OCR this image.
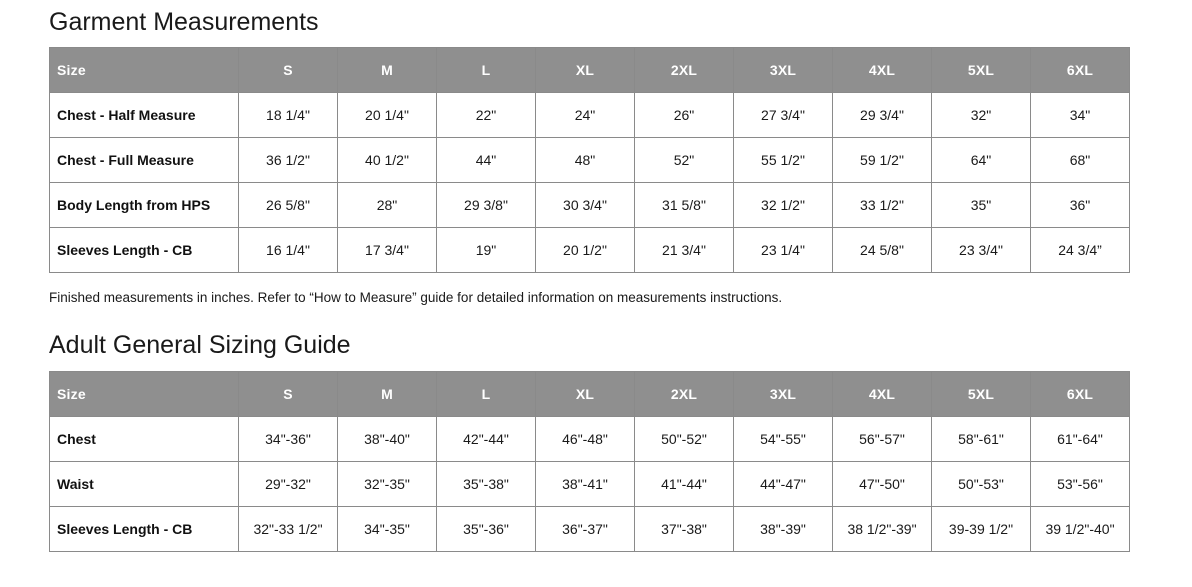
Garment Measurements
Size	S	M	L	XL	2XL	3XL	4XL	5XL	6XL
Chest - Half Measure	18 1/4"	20 1/4"	22"	24"	26"	27 3/4"	29 3/4"	32"	34"
Chest - Full Measure	36 1/2"	40 1/2"	44"	48"	52"	55 1/2"	59 1/2"	64"	68"
Body Length from HPS	26 5/8"	28"	29 3/8"	30 3/4"	31 5/8"	32 1/2"	33 1/2"	35"	36"
Sleeves Length - CB	16 1/4"	17 3/4"	19"	20 1/2"	21 3/4"	23 1/4"	24 5/8"	23 3/4"	24 3/4”

Finished measurements in inches. Refer to “How to Measure” guide for detailed information on measurements instructions.

Adult General Sizing Guide
Size	S	M	L	XL	2XL	3XL	4XL	5XL	6XL
Chest	34"-36"	38"-40"	42"-44"	46"-48"	50"-52"	54"-55"	56"-57"	58"-61"	61"-64"
Waist	29"-32"	32"-35"	35"-38"	38"-41"	41"-44"	44"-47"	47"-50"	50"-53"	53"-56"
Sleeves Length - CB	32"-33 1/2"	34"-35"	35"-36"	36"-37"	37"-38"	38"-39"	38 1/2"-39"	39-39 1/2"	39 1/2"-40"
